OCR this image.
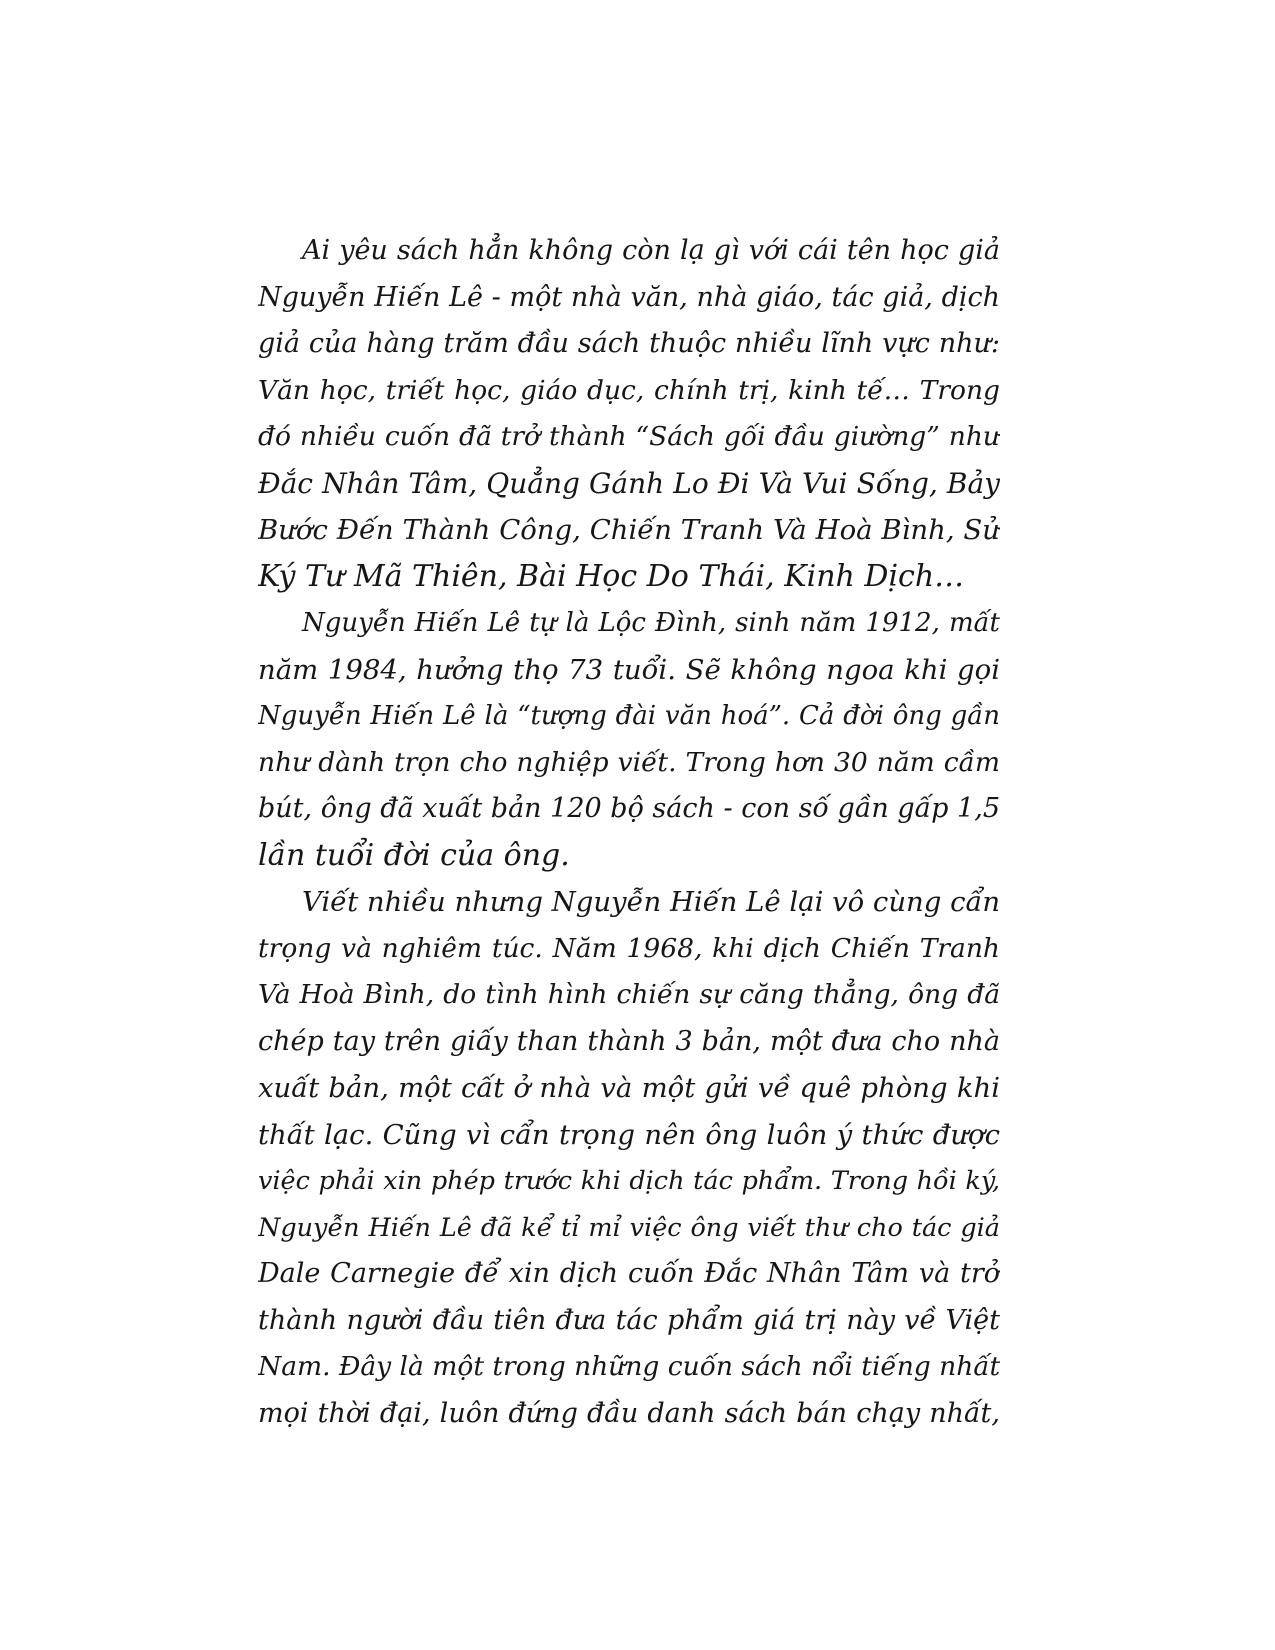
Ai yêu sách hẳn không còn lạ gì với cái tên học giả
Nguyễn Hiến Lê - một nhà văn, nhà giáo, tác giả, dịch
giả của hàng trăm đầu sách thuộc nhiều lĩnh vực như:
Văn học, triết học, giáo dục, chính trị, kinh tế… Trong
đó nhiều cuốn đã trở thành “Sách gối đầu giường” như
Đắc Nhân Tâm, Quẳng Gánh Lo Đi Và Vui Sống, Bảy
Bước Đến Thành Công, Chiến Tranh Và Hoà Bình, Sử
Ký Tư Mã Thiên, Bài Học Do Thái, Kinh Dịch…
Nguyễn Hiến Lê tự là Lộc Đình, sinh năm 1912, mất
năm 1984, hưởng thọ 73 tuổi. Sẽ không ngoa khi gọi
Nguyễn Hiến Lê là “tượng đài văn hoá”. Cả đời ông gần
như dành trọn cho nghiệp viết. Trong hơn 30 năm cầm
bút, ông đã xuất bản 120 bộ sách - con số gần gấp 1,5
lần tuổi đời của ông.
Viết nhiều nhưng Nguyễn Hiến Lê lại vô cùng cẩn
trọng và nghiêm túc. Năm 1968, khi dịch Chiến Tranh
Và Hoà Bình, do tình hình chiến sự căng thẳng, ông đã
chép tay trên giấy than thành 3 bản, một đưa cho nhà
xuất bản, một cất ở nhà và một gửi về quê phòng khi
thất lạc. Cũng vì cẩn trọng nên ông luôn ý thức được
việc phải xin phép trước khi dịch tác phẩm. Trong hồi ký,
Nguyễn Hiến Lê đã kể tỉ mỉ việc ông viết thư cho tác giả
Dale Carnegie để xin dịch cuốn Đắc Nhân Tâm và trở
thành người đầu tiên đưa tác phẩm giá trị này về Việt
Nam. Đây là một trong những cuốn sách nổi tiếng nhất
mọi thời đại, luôn đứng đầu danh sách bán chạy nhất,
